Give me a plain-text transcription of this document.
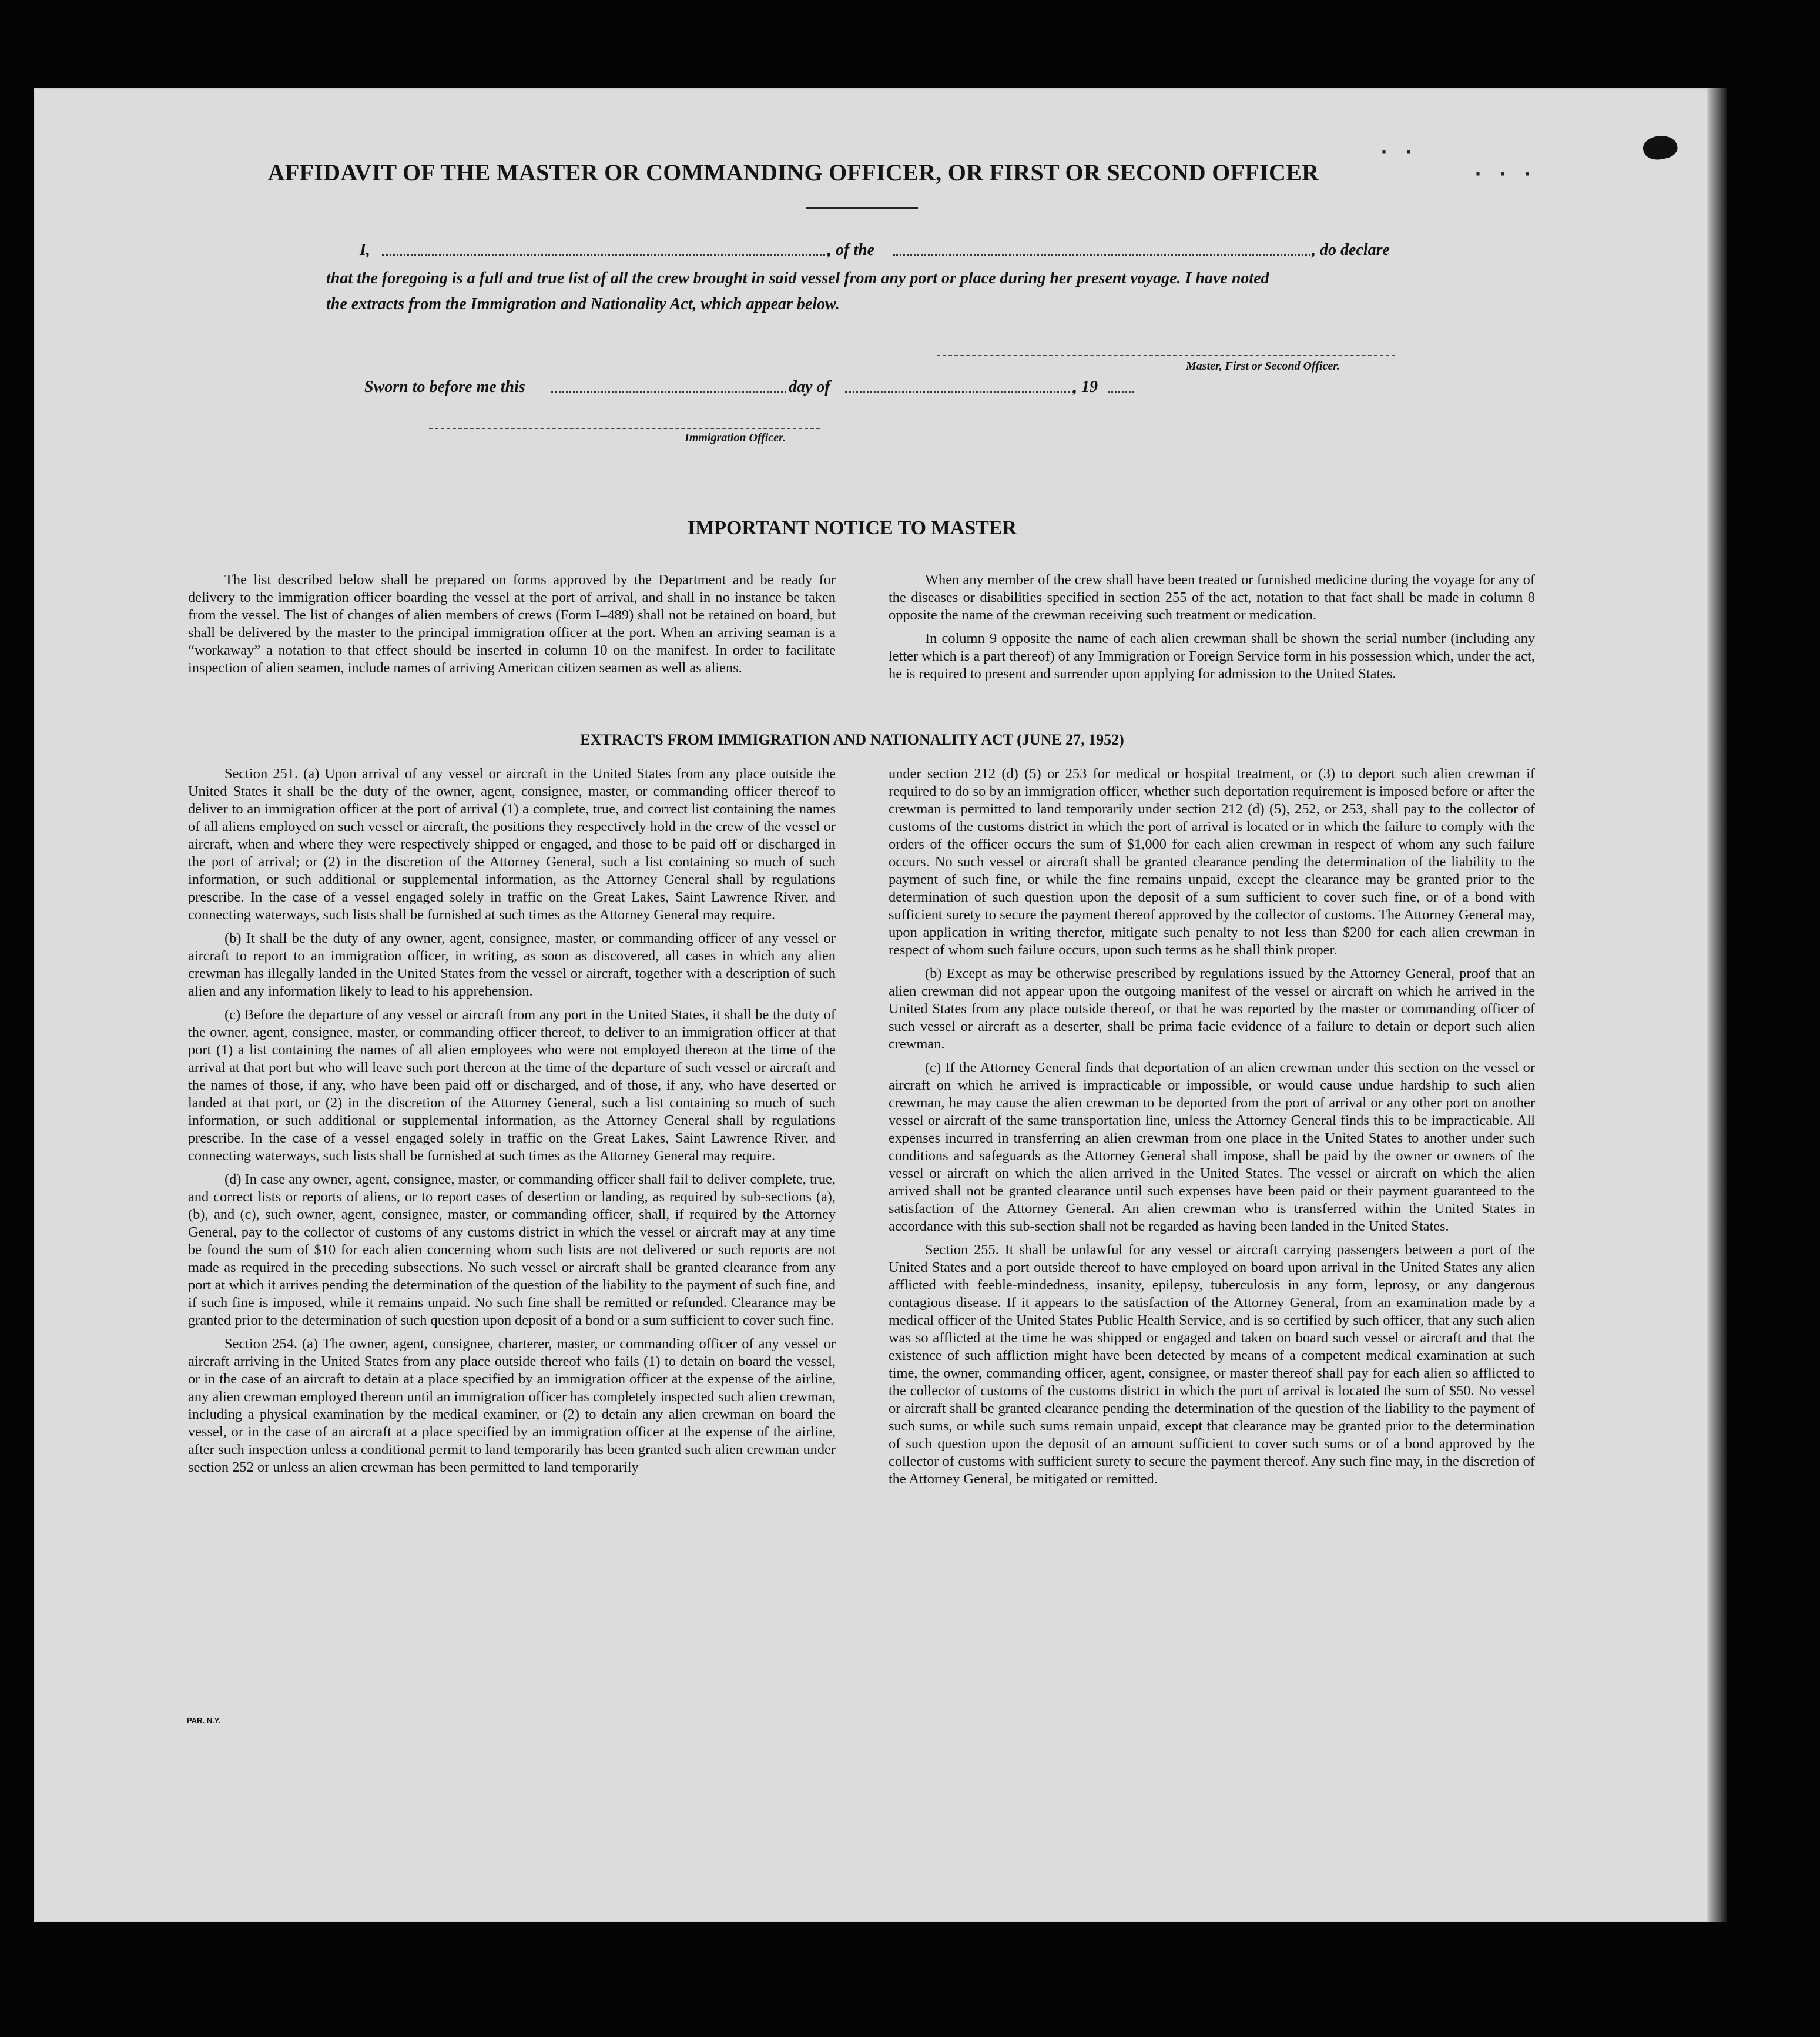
·   ·
·   ·   ·
AFFIDAVIT OF THE MASTER OR COMMANDING OFFICER, OR FIRST OR SECOND OFFICER
I,	, of the	, do declare
that the foregoing is a full and true list of all the crew brought in said vessel from any port or place during her present voyage. I have noted
the extracts from the Immigration and Nationality Act, which appear below.
Master, First or Second Officer.
Sworn to before me this	day of	, 19
Immigration Officer.
IMPORTANT NOTICE TO MASTER

The list described below shall be prepared on forms approved by the Department and be ready for delivery to the immigration officer boarding the vessel at the port of arrival, and shall in no instance be taken from the vessel. The list of changes of alien members of crews (Form I–489) shall not be retained on board, but shall be delivered by the master to the principal immigration officer at the port. When an arriving seaman is a “workaway” a notation to that effect should be inserted in column 10 on the manifest. In order to facilitate inspection of alien seamen, include names of arriving American citizen seamen as well as aliens.

When any member of the crew shall have been treated or furnished medicine during the voyage for any of the diseases or disabilities specified in section 255 of the act, notation to that fact shall be made in column 8 opposite the name of the crewman receiving such treatment or medication.

In column 9 opposite the name of each alien crewman shall be shown the serial number (including any letter which is a part thereof) of any Immigration or Foreign Service form in his possession which, under the act, he is required to present and surrender upon applying for admission to the United States.

EXTRACTS FROM IMMIGRATION AND NATIONALITY ACT (JUNE 27, 1952)

Section 251. (a) Upon arrival of any vessel or aircraft in the United States from any place outside the United States it shall be the duty of the owner, agent, consignee, master, or commanding officer thereof to deliver to an immigration officer at the port of arrival (1) a complete, true, and correct list containing the names of all aliens employed on such vessel or aircraft, the positions they respectively hold in the crew of the vessel or aircraft, when and where they were respectively shipped or engaged, and those to be paid off or discharged in the port of arrival; or (2) in the discretion of the Attorney General, such a list containing so much of such information, or such additional or supplemental information, as the Attorney General shall by regulations prescribe. In the case of a vessel engaged solely in traffic on the Great Lakes, Saint Lawrence River, and connecting waterways, such lists shall be furnished at such times as the Attorney General may require.

(b) It shall be the duty of any owner, agent, consignee, master, or commanding officer of any vessel or aircraft to report to an immigration officer, in writing, as soon as discovered, all cases in which any alien crewman has illegally landed in the United States from the vessel or aircraft, together with a description of such alien and any information likely to lead to his apprehension.

(c) Before the departure of any vessel or aircraft from any port in the United States, it shall be the duty of the owner, agent, consignee, master, or commanding officer thereof, to deliver to an immigration officer at that port (1) a list containing the names of all alien employees who were not employed thereon at the time of the arrival at that port but who will leave such port thereon at the time of the departure of such vessel or aircraft and the names of those, if any, who have been paid off or discharged, and of those, if any, who have deserted or landed at that port, or (2) in the discretion of the Attorney General, such a list containing so much of such information, or such additional or supplemental information, as the Attorney General shall by regulations prescribe. In the case of a vessel engaged solely in traffic on the Great Lakes, Saint Lawrence River, and connecting waterways, such lists shall be furnished at such times as the Attorney General may require.

(d) In case any owner, agent, consignee, master, or commanding officer shall fail to deliver complete, true, and correct lists or reports of aliens, or to report cases of desertion or landing, as required by sub-sections (a), (b), and (c), such owner, agent, consignee, master, or commanding officer, shall, if required by the Attorney General, pay to the collector of customs of any customs district in which the vessel or aircraft may at any time be found the sum of $10 for each alien concerning whom such lists are not delivered or such reports are not made as required in the preceding subsections. No such vessel or aircraft shall be granted clearance from any port at which it arrives pending the determination of the question of the liability to the payment of such fine, and if such fine is imposed, while it remains unpaid. No such fine shall be remitted or refunded. Clearance may be granted prior to the determination of such question upon deposit of a bond or a sum sufficient to cover such fine.

Section 254. (a) The owner, agent, consignee, charterer, master, or commanding officer of any vessel or aircraft arriving in the United States from any place outside thereof who fails (1) to detain on board the vessel, or in the case of an aircraft to detain at a place specified by an immigration officer at the expense of the airline, any alien crewman employed thereon until an immigration officer has completely inspected such alien crewman, including a physical examination by the medical examiner, or (2) to detain any alien crewman on board the vessel, or in the case of an aircraft at a place specified by an immigration officer at the expense of the airline, after such inspection unless a conditional permit to land temporarily has been granted such alien crewman under section 252 or unless an alien crewman has been permitted to land temporarily

under section 212 (d) (5) or 253 for medical or hospital treatment, or (3) to deport such alien crewman if required to do so by an immigration officer, whether such deportation requirement is imposed before or after the crewman is permitted to land temporarily under section 212 (d) (5), 252, or 253, shall pay to the collector of customs of the customs district in which the port of arrival is located or in which the failure to comply with the orders of the officer occurs the sum of $1,000 for each alien crewman in respect of whom any such failure occurs. No such vessel or aircraft shall be granted clearance pending the determination of the liability to the payment of such fine, or while the fine remains unpaid, except the clearance may be granted prior to the determination of such question upon the deposit of a sum sufficient to cover such fine, or of a bond with sufficient surety to secure the payment thereof approved by the collector of customs. The Attorney General may, upon application in writing therefor, mitigate such penalty to not less than $200 for each alien crewman in respect of whom such failure occurs, upon such terms as he shall think proper.

(b) Except as may be otherwise prescribed by regulations issued by the Attorney General, proof that an alien crewman did not appear upon the outgoing manifest of the vessel or aircraft on which he arrived in the United States from any place outside thereof, or that he was reported by the master or commanding officer of such vessel or aircraft as a deserter, shall be prima facie evidence of a failure to detain or deport such alien crewman.

(c) If the Attorney General finds that deportation of an alien crewman under this section on the vessel or aircraft on which he arrived is impracticable or impossible, or would cause undue hardship to such alien crewman, he may cause the alien crewman to be deported from the port of arrival or any other port on another vessel or aircraft of the same transportation line, unless the Attorney General finds this to be impracticable. All expenses incurred in transferring an alien crewman from one place in the United States to another under such conditions and safeguards as the Attorney General shall impose, shall be paid by the owner or owners of the vessel or aircraft on which the alien arrived in the United States. The vessel or aircraft on which the alien arrived shall not be granted clearance until such expenses have been paid or their payment guaranteed to the satisfaction of the Attorney General. An alien crewman who is transferred within the United States in accordance with this sub-section shall not be regarded as having been landed in the United States.

Section 255. It shall be unlawful for any vessel or aircraft carrying passengers between a port of the United States and a port outside thereof to have employed on board upon arrival in the United States any alien afflicted with feeble-mindedness, insanity, epilepsy, tuberculosis in any form, leprosy, or any dangerous contagious disease. If it appears to the satisfaction of the Attorney General, from an examination made by a medical officer of the United States Public Health Service, and is so certified by such officer, that any such alien was so afflicted at the time he was shipped or engaged and taken on board such vessel or aircraft and that the existence of such affliction might have been detected by means of a competent medical examination at such time, the owner, commanding officer, agent, consignee, or master thereof shall pay for each alien so afflicted to the collector of customs of the customs district in which the port of arrival is located the sum of $50. No vessel or aircraft shall be granted clearance pending the determination of the question of the liability to the payment of such sums, or while such sums remain unpaid, except that clearance may be granted prior to the determination of such question upon the deposit of an amount sufficient to cover such sums or of a bond approved by the collector of customs with sufficient surety to secure the payment thereof. Any such fine may, in the discretion of the Attorney General, be mitigated or remitted.

PAR. N.Y.
